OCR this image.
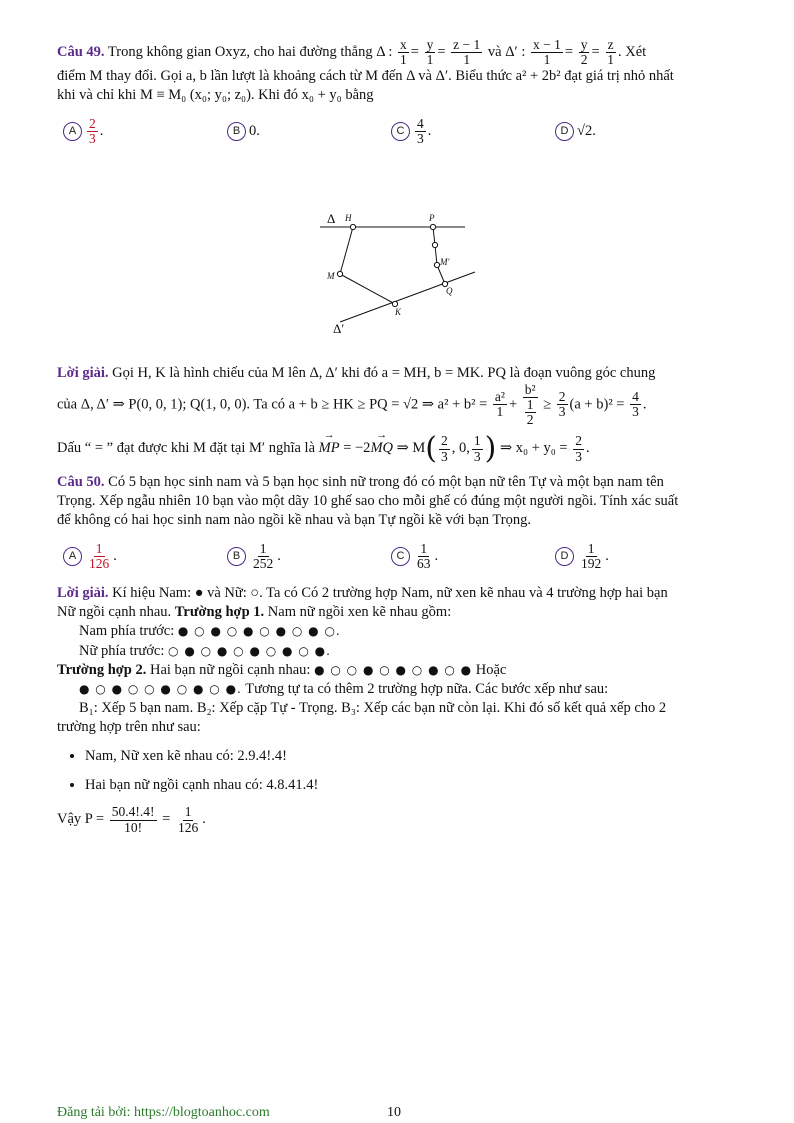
Câu 49. Trong không gian Oxyz, cho hai đường thẳng Δ : $\frac{x}{1} = \frac{y}{1} = \frac{z - 1}{1}$ và Δ′ : $\frac{x - 1}{1} = \frac{y}{2} = \frac{z}{1}$ . Xét
điểm M thay đổi. Gọi a, b lần lượt là khoảng cách từ M đến Δ và Δ′. Biểu thức a² + 2b² đạt giá trị nhỏ nhất
khi và chỉ khi M ≡ M₀ (x₀; y₀; z₀). Khi đó x₀ + y₀ bằng

A $\frac{2}{3}$ .	B 0.	C $\frac{4}{3}$ .	D √2.
Δ H	P
M
M′
Q
K
Δ′

Lời giải. Gọi H, K là hình chiếu của M lên Δ, Δ′ khi đó a = MH, b = MK. PQ là đoạn vuông góc chung
của Δ, Δ′ ⇒ P(0, 0, 1); Q(1, 0, 0). Ta có a + b ≥ HK ≥ PQ = √2 ⇒ $a^2 + b^2 = \frac{\text{a²}}{1} + \frac{\text{b²}}{\frac{1}{2}} \ge \frac{2}{3} (a + b)^2 = \frac{4}{3}$ .

Dấu “ = ” đạt được khi M đặt tại M′ nghĩa là → MP = −2→ MQ ⇒ $M( \frac{2}{3}$ , 0, $\frac{1}{3}$ ) ⇒ $x_0 + y_0 = \frac{2}{3}$ .

Câu 50. Có 5 bạn học sinh nam và 5 bạn học sinh nữ trong đó có một bạn nữ tên Tự và một bạn nam tên
Trọng. Xếp ngẫu nhiên 10 bạn vào một dãy 10 ghế sao cho mỗi ghế có đúng một người ngồi. Tính xác suất
để không có hai học sinh nam nào ngồi kề nhau và bạn Tự ngồi kề với bạn Trọng.

A $\frac{1}{126}$ .	B $\frac{1}{252}$ .	C $\frac{1}{63}$ .	D $\frac{1}{192}$ .

Lời giải. Kí hiệu Nam: ● và Nữ: ○. Ta có Có 2 trường hợp Nam, nữ xen kẽ nhau và 4 trường hợp hai bạn
Nữ ngồi cạnh nhau. Trường hợp 1. Nam nữ ngồi xen kẽ nhau gồm:

Nam phía trước: ● ○ ● ○ ● ○ ● ○ ● ○.

Nữ phía trước: ○ ● ○ ● ○ ● ○ ● ○ ●.

Trường hợp 2. Hai bạn nữ ngồi cạnh nhau: ● ○ ○ ● ○ ● ○ ● ○ ● Hoặc

● ○ ● ○ ○ ● ○ ● ○ ●. Tương tự ta có thêm 2 trường hợp nữa. Các bước xếp như sau:

B₁: Xếp 5 bạn nam. B₂: Xếp cặp Tự - Trọng. B₃: Xếp các bạn nữ còn lại. Khi đó số kết quả xếp cho 2

trường hợp trên như sau:

• Nam, Nữ xen kẽ nhau có: 2.9.4!.4!
• Hai bạn nữ ngồi cạnh nhau có: 4.8.41.4!

Vậy $P = \frac{50.4!.4!}{10!} = \frac{1}{126}$ .

Đăng tải bởi: https://blogtoanhoc.com	10
